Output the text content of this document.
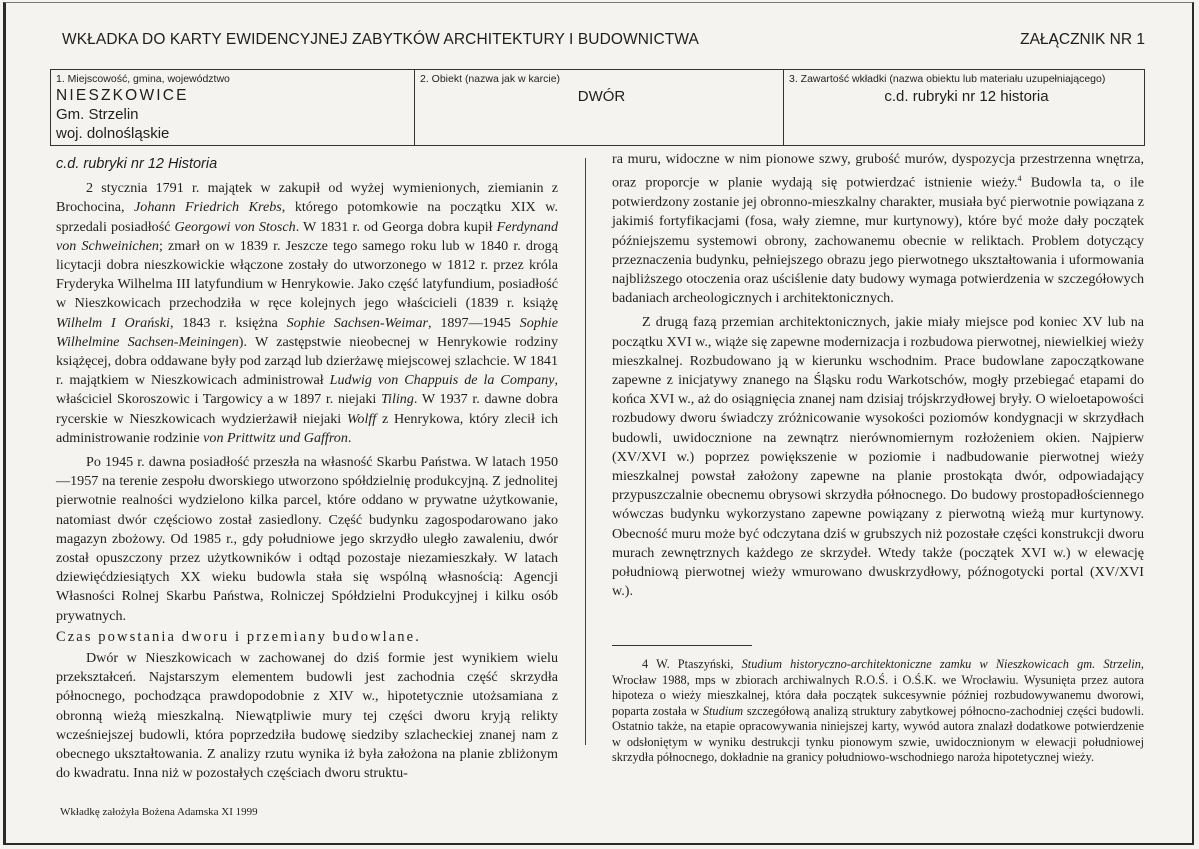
WKŁADKA DO KARTY EWIDENCYJNEJ ZABYTKÓW ARCHITEKTURY I BUDOWNICTWA	ZAŁĄCZNIK NR 1
1. Miejscowość, gmina, województwo
NIESZKOWICE
Gm. Strzelin
woj. dolnośląskie
2. Obiekt (nazwa jak w karcie)
DWÓR
3. Zawartość wkładki (nazwa obiektu lub materiału uzupełniającego)
c.d. rubryki nr 12 historia

c.d. rubryki nr 12 Historia

2 stycznia 1791 r. majątek w zakupił od wyżej wymienionych, ziemianin z Brochocina, Johann Friedrich Krebs, którego potomkowie na początku XIX w. sprzedali posiadłość Georgowi von Stosch. W 1831 r. od Georga dobra kupił Ferdynand von Schweinichen; zmarł on w 1839 r. Jeszcze tego samego roku lub w 1840 r. drogą licytacji dobra nieszkowickie włączone zostały do utworzonego w 1812 r. przez króla Fryderyka Wilhelma III latyfundium w Henrykowie. Jako część latyfundium, posiadłość w Nieszkowicach przechodziła w ręce kolejnych jego właścicieli (1839 r. książę Wilhelm I Orański, 1843 r. księżna Sophie Sachsen-Weimar, 1897—1945 Sophie Wilhelmine Sachsen-Meiningen). W zastępstwie nieobecnej w Henrykowie rodziny książęcej, dobra oddawane były pod zarząd lub dzierżawę miejscowej szlachcie. W 1841 r. majątkiem w Nieszkowicach administrował Ludwig von Chappuis de la Company, właściciel Skoroszowic i Targowicy a w 1897 r. niejaki Tiling. W 1937 r. dawne dobra rycerskie w Nieszkowicach wydzierżawił niejaki Wolff z Henrykowa, który zlecił ich administrowanie rodzinie von Prittwitz und Gaffron.

Po 1945 r. dawna posiadłość przeszła na własność Skarbu Państwa. W latach 1950—1957 na terenie zespołu dworskiego utworzono spółdzielnię produkcyjną. Z jednolitej pierwotnie realności wydzielono kilka parcel, które oddano w prywatne użytkowanie, natomiast dwór częściowo został zasiedlony. Część budynku zagospodarowano jako magazyn zbożowy. Od 1985 r., gdy południowe jego skrzydło uległo zawaleniu, dwór został opuszczony przez użytkowników i odtąd pozostaje niezamieszkały. W latach dziewięćdziesiątych XX wieku budowla stała się wspólną własnością: Agencji Własności Rolnej Skarbu Państwa, Rolniczej Spółdzielni Produkcyjnej i kilku osób prywatnych.

Czas powstania dworu i przemiany budowlane.

Dwór w Nieszkowicach w zachowanej do dziś formie jest wynikiem wielu przekształceń. Najstarszym elementem budowli jest zachodnia część skrzydła północnego, pochodząca prawdopodobnie z XIV w., hipotetycznie utożsamiana z obronną wieżą mieszkalną. Niewątpliwie mury tej części dworu kryją relikty wcześniejszej budowli, która poprzedziła budowę siedziby szlacheckiej znanej nam z obecnego ukształtowania. Z analizy rzutu wynika iż była założona na planie zbliżonym do kwadratu. Inna niż w pozostałych częściach dworu struktu-

ra muru, widoczne w nim pionowe szwy, grubość murów, dyspozycja przestrzenna wnętrza, oraz proporcje w planie wydają się potwierdzać istnienie wieży.$^4$ Budowla ta, o ile potwierdzony zostanie jej obronno-mieszkalny charakter, musiała być pierwotnie powiązana z jakimiś fortyfikacjami (fosa, wały ziemne, mur kurtynowy), które być może dały początek późniejszemu systemowi obrony, zachowanemu obecnie w reliktach. Problem dotyczący przeznaczenia budynku, pełniejszego obrazu jego pierwotnego ukształtowania i uformowania najbliższego otoczenia oraz uściślenie daty budowy wymaga potwierdzenia w szczegółowych badaniach archeologicznych i architektonicznych.

Z drugą fazą przemian architektonicznych, jakie miały miejsce pod koniec XV lub na początku XVI w., wiąże się zapewne modernizacja i rozbudowa pierwotnej, niewielkiej wieży mieszkalnej. Rozbudowano ją w kierunku wschodnim. Prace budowlane zapoczątkowane zapewne z inicjatywy znanego na Śląsku rodu Warkotschów, mogły przebiegać etapami do końca XVI w., aż do osiągnięcia znanej nam dzisiaj trójskrzydłowej bryły. O wieloetapowości rozbudowy dworu świadczy zróżnicowanie wysokości poziomów kondygnacji w skrzydłach budowli, uwidocznione na zewnątrz nierównomiernym rozłożeniem okien. Najpierw (XV/XVI w.) poprzez powiększenie w poziomie i nadbudowanie pierwotnej wieży mieszkalnej powstał założony zapewne na planie prostokąta dwór, odpowiadający przypuszczalnie obecnemu obrysowi skrzydła północnego. Do budowy prostopadłościennego wówczas budynku wykorzystano zapewne powiązany z pierwotną wieżą mur kurtynowy. Obecność muru może być odczytana dziś w grubszych niż pozostałe części konstrukcji dworu murach zewnętrznych każdego ze skrzydeł. Wtedy także (początek XVI w.) w elewację południową pierwotnej wieży wmurowano dwuskrzydłowy, późnogotycki portal (XV/XVI w.).

4 W. Ptaszyński, Studium historyczno-architektoniczne zamku w Nieszkowicach gm. Strzelin, Wrocław 1988, mps w zbiorach archiwalnych R.O.Ś. i O.Ś.K. we Wrocławiu. Wysunięta przez autora hipoteza o wieży mieszkalnej, która dała początek sukcesywnie później rozbudowywanemu dworowi, poparta została w Studium szczegółową analizą struktury zabytkowej północno-zachodniej części budowli. Ostatnio także, na etapie opracowywania niniejszej karty, wywód autora znalazł dodatkowe potwierdzenie w odsłoniętym w wyniku destrukcji tynku pionowym szwie, uwidocznionym w elewacji południowej skrzydła północnego, dokładnie na granicy południowo-wschodniego naroża hipotetycznej wieży.

Wkładkę założyła Bożena Adamska XI 1999
